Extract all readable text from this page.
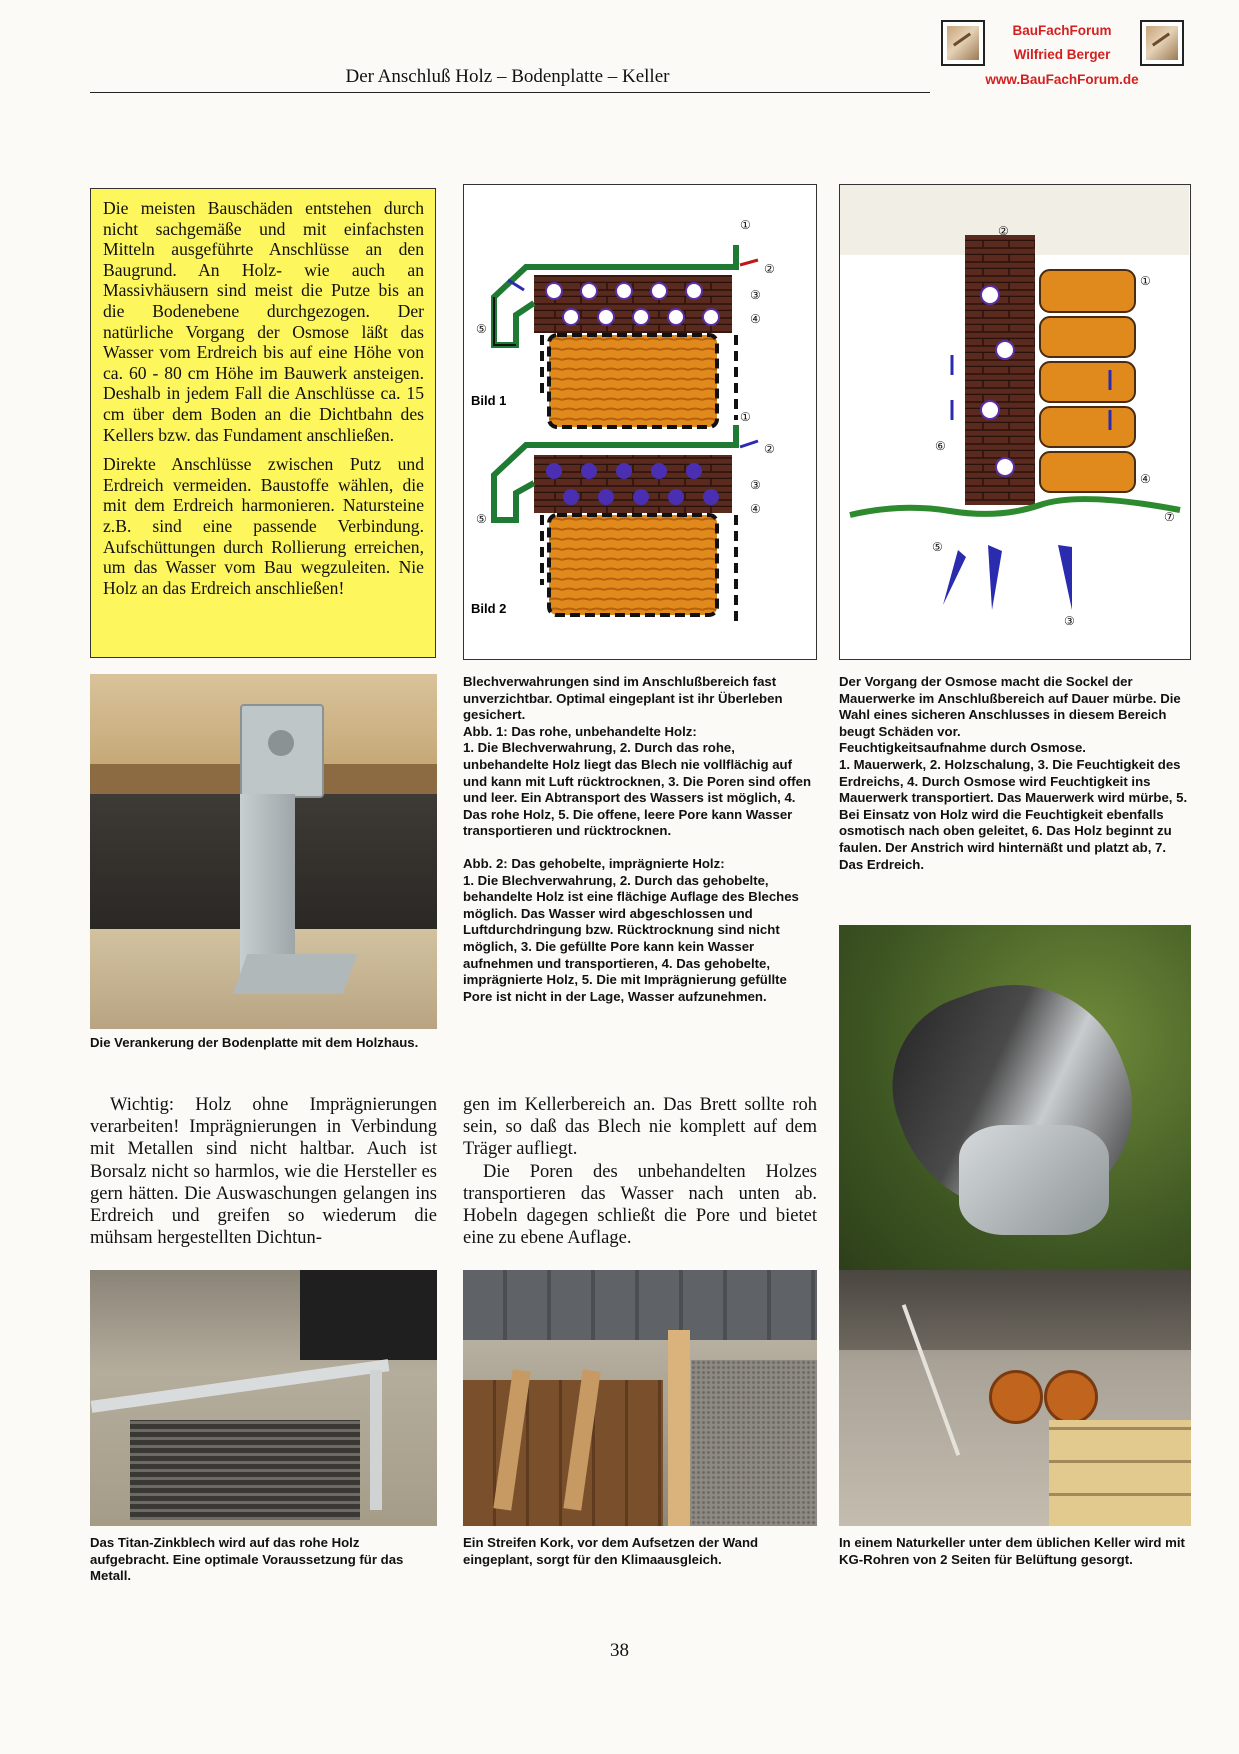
Der Anschluß Holz – Bodenplatte – Keller
BauFachForum
Wilfried Berger
www.BauFachForum.de

Die meisten Bauschäden entstehen durch nicht sachgemäße und mit einfachsten Mitteln ausgeführte Anschlüsse an den Baugrund. An Holz- wie auch an Massivhäusern sind meist die Putze bis an die Bodenebene durchgezogen. Der natürliche Vorgang der Osmose läßt das Wasser vom Erdreich bis auf eine Höhe von ca. 60 - 80 cm Höhe im Bauwerk ansteigen. Deshalb in jedem Fall die Anschlüsse ca. 15 cm über dem Boden an die Dichtbahn des Kellers bzw. das Fundament anschließen.

Direkte Anschlüsse zwischen Putz und Erdreich vermeiden. Baustoffe wählen, die mit dem Erdreich harmonieren. Natursteine z.B. sind eine passende Verbindung. Aufschüttungen durch Rollierung erreichen, um das Wasser vom Bau wegzuleiten. Nie Holz an das Erdreich anschließen!

Bild 1
Bild 2
①
②
③
④
⑤
①
②
③
④
⑤
②
①
⑥
④
⑦
⑤
③
Die Verankerung der Bodenplatte mit dem Holzhaus.
Blechverwahrungen sind im Anschlußbereich fast unverzichtbar. Optimal eingeplant ist ihr Überleben gesichert.
Abb. 1: Das rohe, unbehandelte Holz:
1. Die Blechverwahrung, 2. Durch das rohe, unbehandelte Holz liegt das Blech nie vollflächig auf und kann mit Luft rücktrocknen, 3. Die Poren sind offen und leer. Ein Abtransport des Wassers ist möglich, 4. Das rohe Holz, 5. Die offene, leere Pore kann Wasser transportieren und rücktrocknen.
Abb. 2: Das gehobelte, imprägnierte Holz:
1. Die Blechverwahrung, 2. Durch das gehobelte, behandelte Holz ist eine flächige Auflage des Bleches möglich. Das Wasser wird abgeschlossen und Luftdurchdringung bzw. Rücktrocknung sind nicht möglich, 3. Die gefüllte Pore kann kein Wasser aufnehmen und transportieren, 4. Das gehobelte, imprägnierte Holz, 5. Die mit Imprägnierung gefüllte Pore ist nicht in der Lage, Wasser aufzunehmen.
Der Vorgang der Osmose macht die Sockel der Mauerwerke im Anschlußbereich auf Dauer mürbe. Die Wahl eines sicheren Anschlusses in diesem Bereich beugt Schäden vor.
Feuchtigkeitsaufnahme durch Osmose.
1. Mauerwerk, 2. Holzschalung, 3. Die Feuchtigkeit des Erdreichs, 4. Durch Osmose wird Feuchtigkeit ins Mauerwerk transportiert. Das Mauerwerk wird mürbe, 5. Bei Einsatz von Holz wird die Feuchtigkeit ebenfalls osmotisch nach oben geleitet, 6. Das Holz beginnt zu faulen. Der Anstrich wird hinternäßt und platzt ab, 7. Das Erdreich.

Wichtig: Holz ohne Imprägnierungen verarbeiten! Imprägnierungen in Verbindung mit Metallen sind nicht haltbar. Auch ist Borsalz nicht so harmlos, wie die Hersteller es gern hätten. Die Auswaschungen gelangen ins Erdreich und greifen so wiederum die mühsam hergestellten Dichtun-

gen im Kellerbereich an. Das Brett sollte roh sein, so daß das Blech nie komplett auf dem Träger aufliegt.

Die Poren des unbehandelten Holzes transportieren das Wasser nach unten ab. Hobeln dagegen schließt die Pore und bietet eine zu ebene Auflage.

Das Titan-Zinkblech wird auf das rohe Holz aufgebracht. Eine optimale Voraussetzung für das Metall.
Ein Streifen Kork, vor dem Aufsetzen der Wand eingeplant, sorgt für den Klimaausgleich.
In einem Naturkeller unter dem üblichen Keller wird mit KG-Rohren von 2 Seiten für Belüftung gesorgt.
38
